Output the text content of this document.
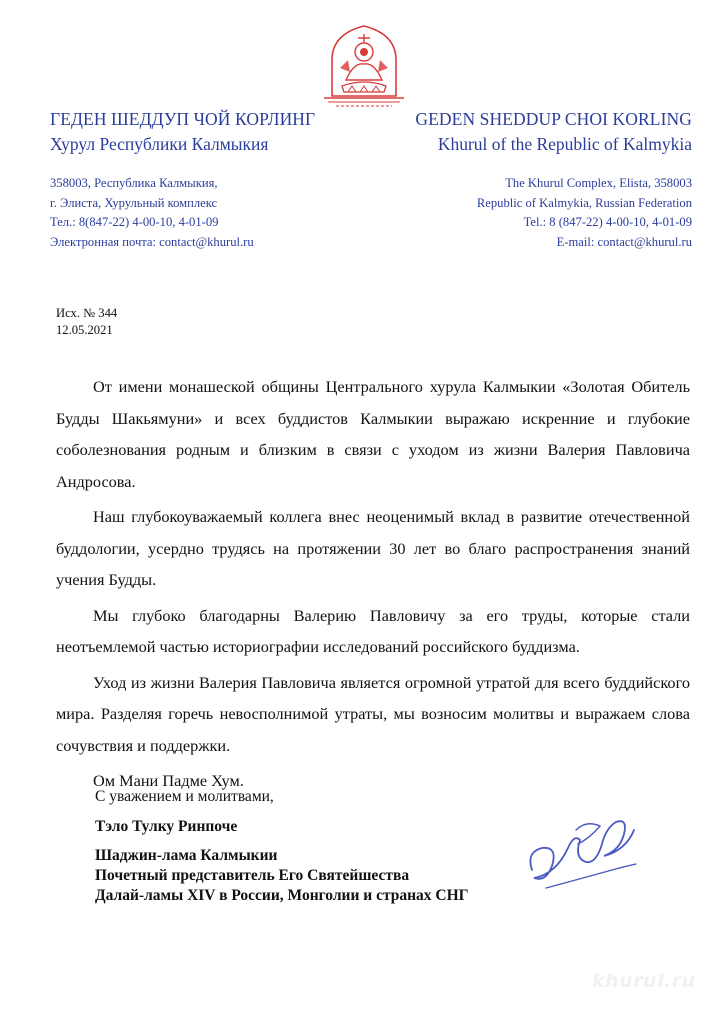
ГЕДЕН ШЕДДУП ЧОЙ КОРЛИНГ
Хурул Республики Калмыкия
GEDEN SHEDDUP CHOI KORLING
Khurul of the Republic of Kalmykia
358003, Республика Калмыкия,
г. Элиста, Хурульный комплекс
Тел.: 8(847-22) 4-00-10, 4-01-09
Электронная почта: contact@khurul.ru
The Khurul Complex, Elista, 358003
Republic of Kalmykia, Russian Federation
Tel.: 8 (847-22) 4-00-10, 4-01-09
E-mail: contact@khurul.ru
Исх. № 344
12.05.2021

От имени монашеской общины Центрального хурула Калмыкии «Золотая Обитель Будды Шакьямуни» и всех буддистов Калмыкии выражаю искренние и глубокие соболезнования родным и близким в связи с уходом из жизни Валерия Павловича Андросова.

Наш глубокоуважаемый коллега внес неоценимый вклад в развитие отечественной буддологии, усердно трудясь на протяжении 30 лет во благо распространения знаний учения Будды.

Мы глубоко благодарны Валерию Павловичу за его труды, которые стали неотъемлемой частью историографии исследований российского буддизма.

Уход из жизни Валерия Павловича является огромной утратой для всего буддийского мира. Разделяя горечь невосполнимой утраты, мы возносим молитвы и выражаем слова сочувствия и поддержки.

Ом Мани Падме Хум.

С уважением и молитвами,
Тэло Тулку Ринпоче
Шаджин-лама Калмыкии
Почетный представитель Его Святейшества
Далай-ламы XIV в России, Монголии и странах СНГ
khurul.ru
